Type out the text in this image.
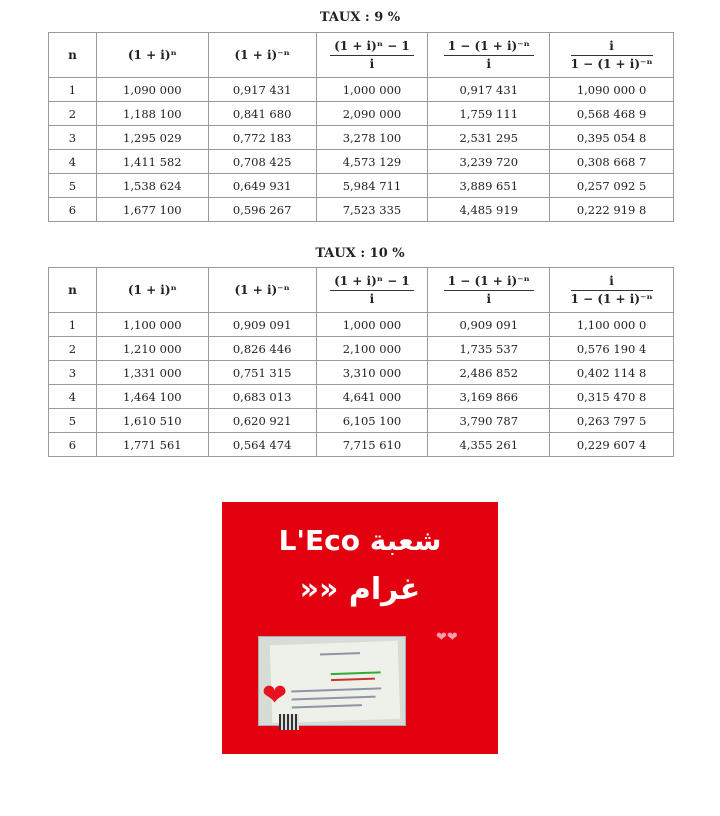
TAUX : 9 %
n	(1 + i)ⁿ	(1 + i)⁻ⁿ	$\frac{\text{(1 + i)ⁿ − 1}}{i}$	$\frac{\text{1 − (1 + i)⁻ⁿ}}{i}$	$\frac{i}{\text{1 − (1 + i)⁻ⁿ}}$

1	1,090 000	0,917 431	1,000 000	0,917 431	1,090 000 0
2	1,188 100	0,841 680	2,090 000	1,759 111	0,568 468 9
3	1,295 029	0,772 183	3,278 100	2,531 295	0,395 054 8
4	1,411 582	0,708 425	4,573 129	3,239 720	0,308 668 7
5	1,538 624	0,649 931	5,984 711	3,889 651	0,257 092 5
6	1,677 100	0,596 267	7,523 335	4,485 919	0,222 919 8
TAUX : 10 %
n	(1 + i)ⁿ	(1 + i)⁻ⁿ	$\frac{\text{(1 + i)ⁿ − 1}}{i}$	$\frac{\text{1 − (1 + i)⁻ⁿ}}{i}$	$\frac{i}{\text{1 − (1 + i)⁻ⁿ}}$

1	1,100 000	0,909 091	1,000 000	0,909 091	1,100 000 0
2	1,210 000	0,826 446	2,100 000	1,735 537	0,576 190 4
3	1,331 000	0,751 315	3,310 000	2,486 852	0,402 114 8
4	1,464 100	0,683 013	4,641 000	3,169 866	0,315 470 8
5	1,610 510	0,620 921	6,105 100	3,790 787	0,263 797 5
6	1,771 561	0,564 474	7,715 610	4,355 261	0,229 607 4
L'Eco شعبة
غرام ««
❤❤
❤
